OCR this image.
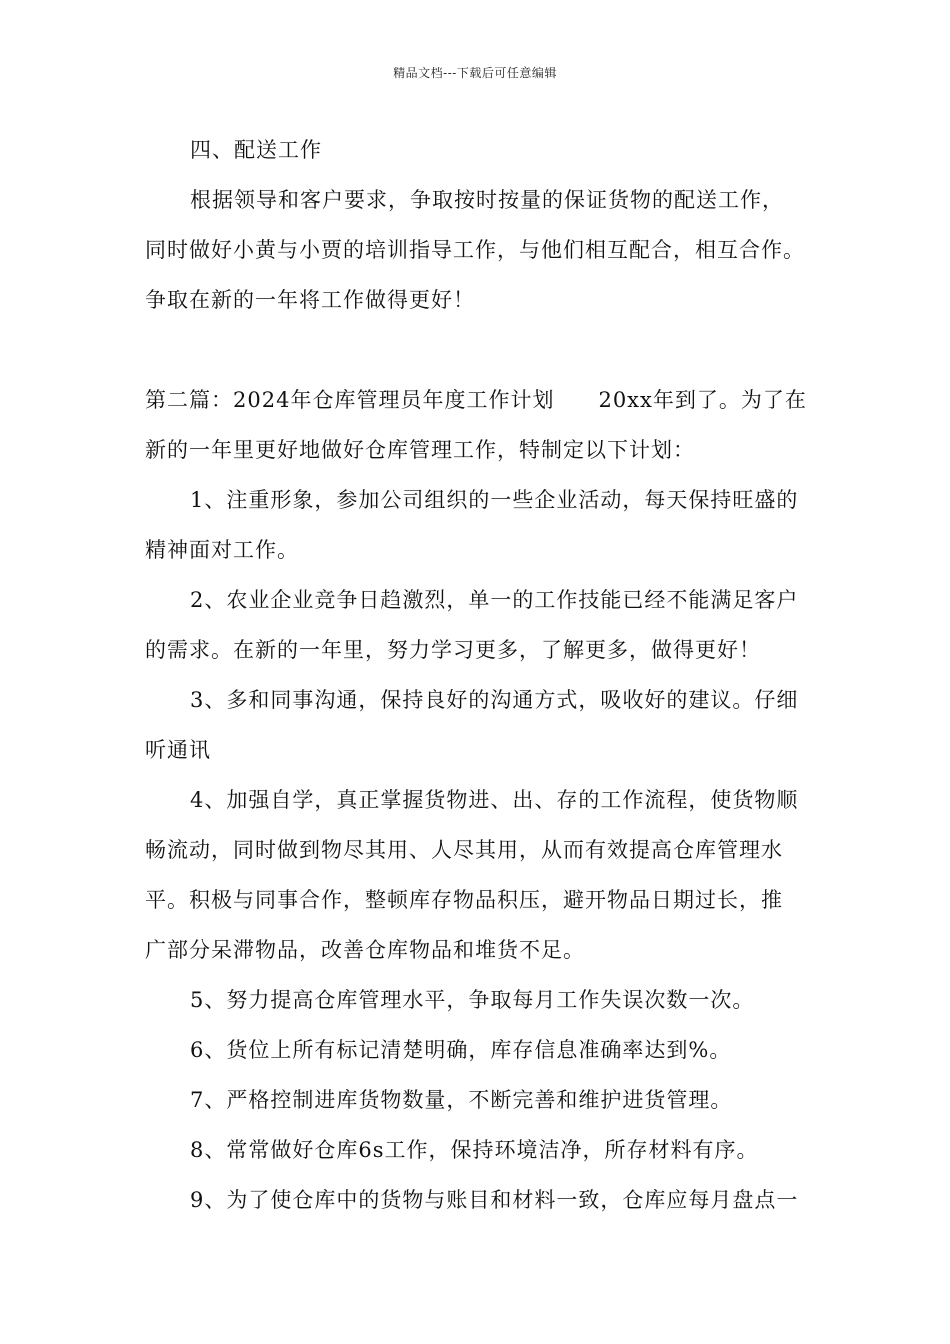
精品文档---下载后可任意编辑
四、配送工作
根据领导和客户要求，争取按时按量的保证货物的配送工作，
同时做好小黄与小贾的培训指导工作，与他们相互配合，相互合作。
争取在新的一年将工作做得更好！
第二篇：2024年仓库管理员年度工作计划 20xx年到了。为了在
新的一年里更好地做好仓库管理工作，特制定以下计划：
1、注重形象，参加公司组织的一些企业活动，每天保持旺盛的
精神面对工作。
2、农业企业竞争日趋激烈，单一的工作技能已经不能满足客户
的需求。在新的一年里，努力学习更多，了解更多，做得更好！
3、多和同事沟通，保持良好的沟通方式，吸收好的建议。仔细
听通讯
4、加强自学，真正掌握货物进、出、存的工作流程，使货物顺
畅流动，同时做到物尽其用、人尽其用，从而有效提高仓库管理水
平。积极与同事合作，整顿库存物品积压，避开物品日期过长，推
广部分呆滞物品，改善仓库物品和堆货不足。
5、努力提高仓库管理水平，争取每月工作失误次数一次。
6、货位上所有标记清楚明确，库存信息准确率达到%。
7、严格控制进库货物数量，不断完善和维护进货管理。
8、常常做好仓库6s工作，保持环境洁净，所存材料有序。
9、为了使仓库中的货物与账目和材料一致，仓库应每月盘点一
